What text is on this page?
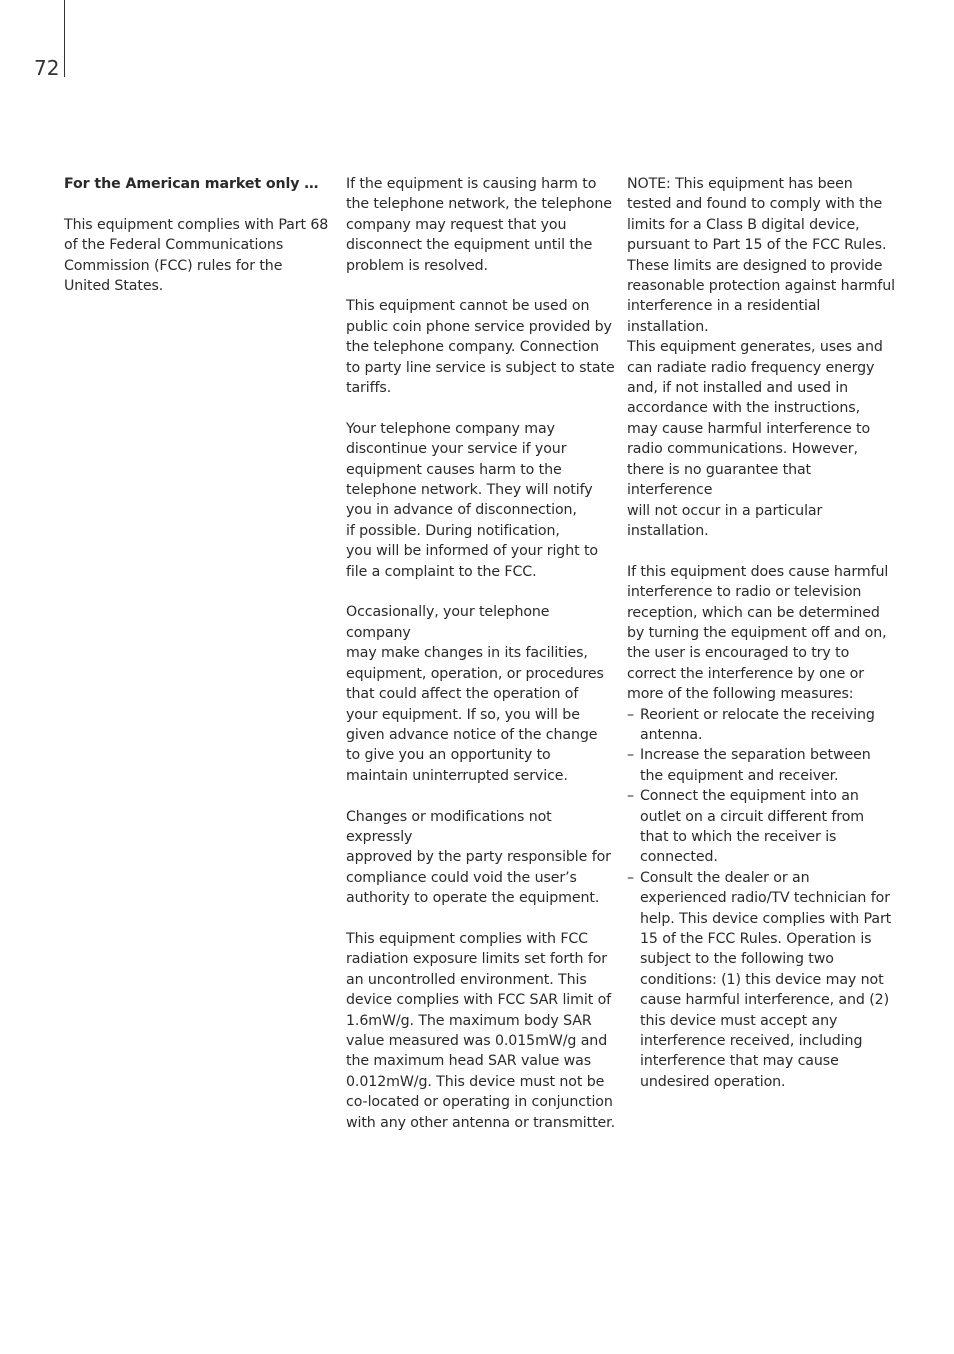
72
For the American market only …

This equipment complies with Part 68
of the Federal Communications
Commission (FCC) rules for the
United States.

If the equipment is causing harm to
the telephone network, the telephone
company may request that you
disconnect the equipment until the
problem is resolved.

This equipment cannot be used on
public coin phone service provided by
the telephone company. Connection
to party line service is subject to state
tariffs.

Your telephone company may
discontinue your service if your
equipment causes harm to the
telephone network. They will notify
you in advance of disconnection,
if possible. During notification,
you will be informed of your right to
file a complaint to the FCC.

Occasionally, your telephone company
may make changes in its facilities,
equipment, operation, or procedures
that could affect the operation of
your equipment. If so, you will be
given advance notice of the change
to give you an opportunity to
maintain uninterrupted service.

Changes or modifications not expressly
approved by the party responsible for
compliance could void the user’s
authority to operate the equipment.

This equipment complies with FCC
radiation exposure limits set forth for
an uncontrolled environment. This
device complies with FCC SAR limit of
1.6mW/g. The maximum body SAR
value measured was 0.015mW/g and
the maximum head SAR value was
0.012mW/g. This device must not be
co-located or operating in conjunction
with any other antenna or transmitter.

NOTE: This equipment has been
tested and found to comply with the
limits for a Class B digital device,
pursuant to Part 15 of the FCC Rules.
These limits are designed to provide
reasonable protection against harmful
interference in a residential installation.
This equipment generates, uses and
can radiate radio frequency energy
and, if not installed and used in
accordance with the instructions,
may cause harmful interference to
radio communications. However,
there is no guarantee that interference
will not occur in a particular installation.

If this equipment does cause harmful
interference to radio or television
reception, which can be determined
by turning the equipment off and on,
the user is encouraged to try to
correct the interference by one or
more of the following measures:

– Reorient or relocate the receiving
antenna.
– Increase the separation between
the equipment and receiver.
– Connect the equipment into an
outlet on a circuit different from
that to which the receiver is
connected.
– Consult the dealer or an
experienced radio/TV technician for
help. This device complies with Part
15 of the FCC Rules. Operation is
subject to the following two
conditions: (1) this device may not
cause harmful interference, and (2)
this device must accept any
interference received, including
interference that may cause
undesired operation.
